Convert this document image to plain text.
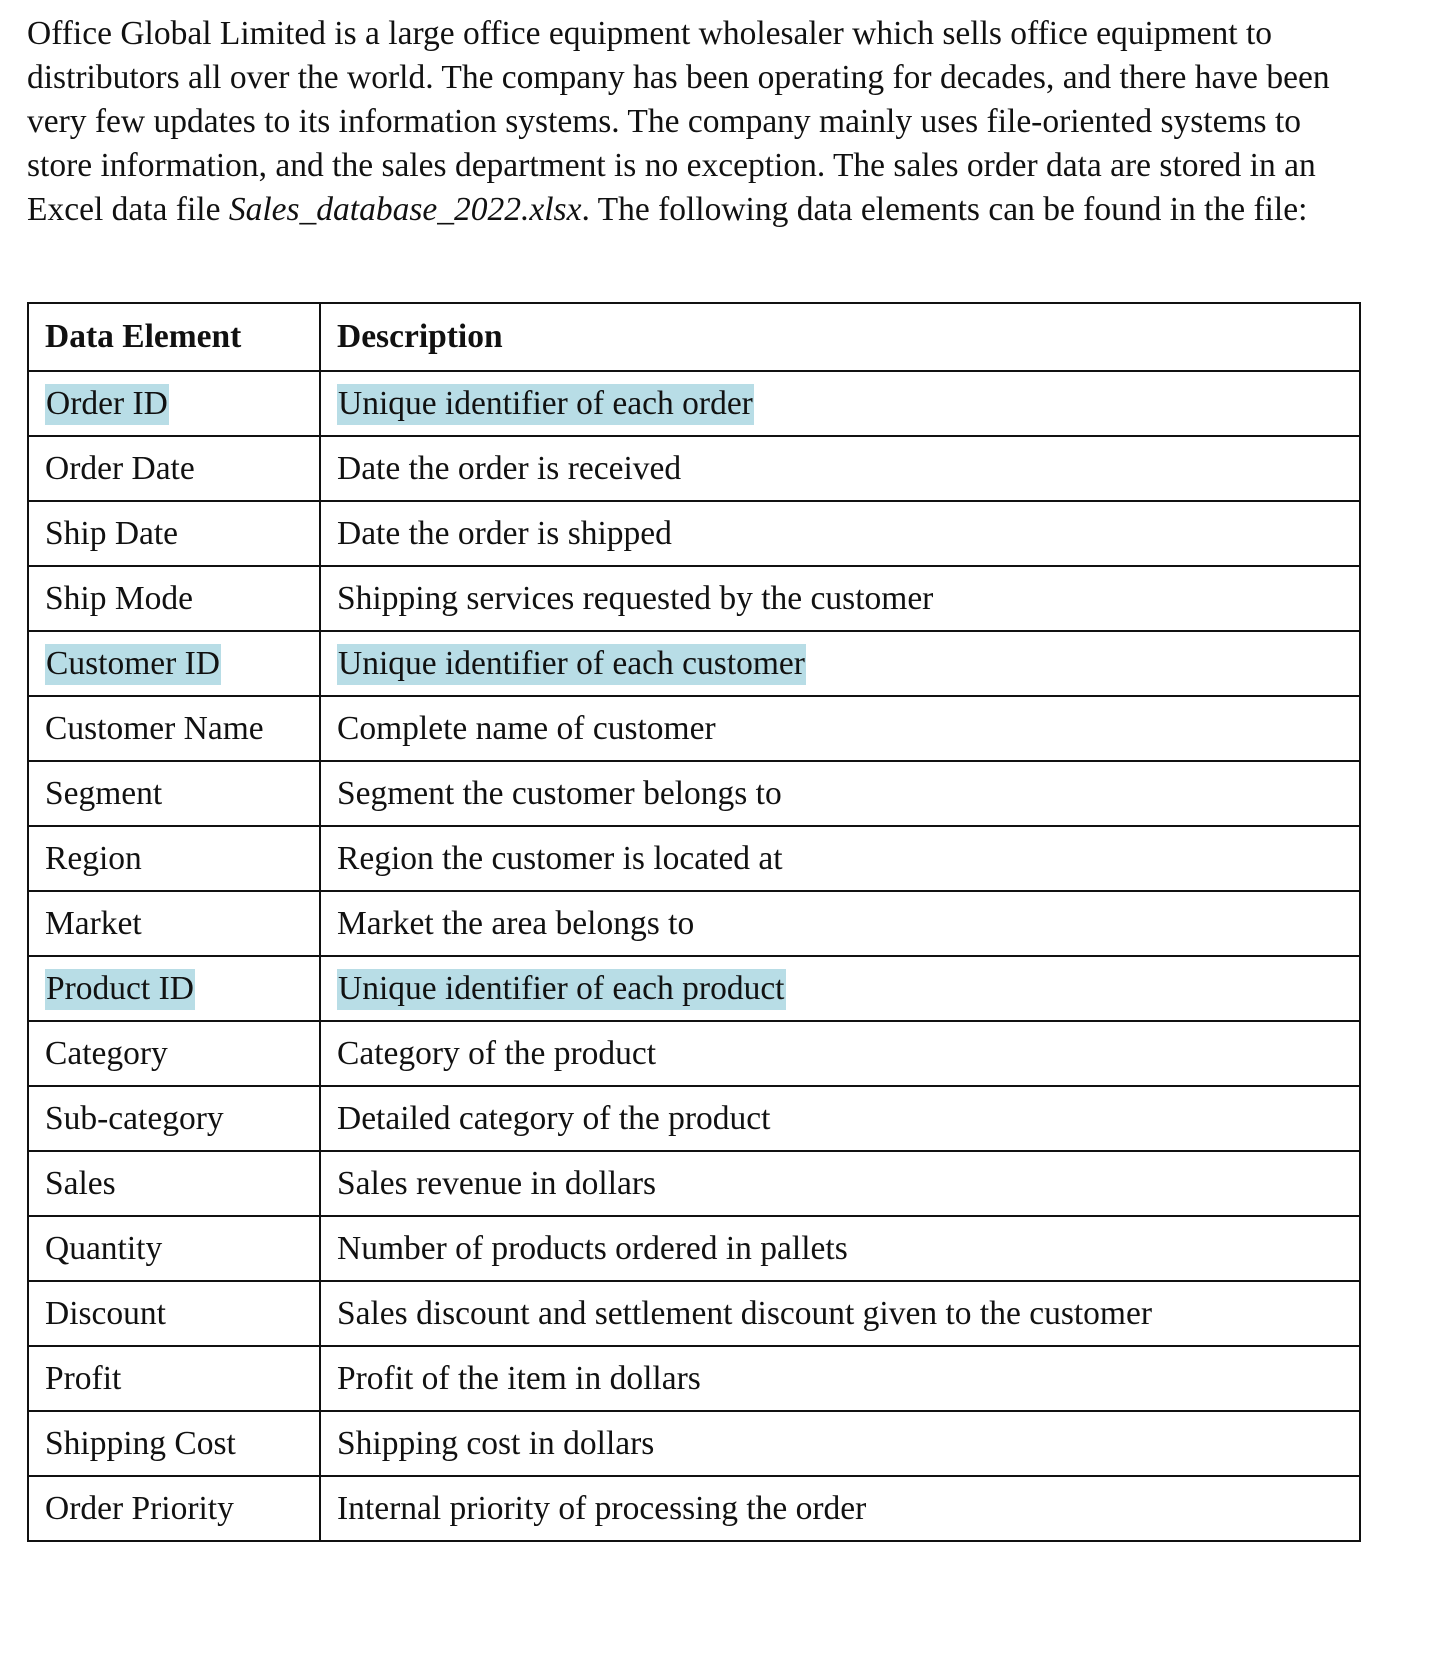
Office Global Limited is a large office equipment wholesaler which sells office equipment to distributors all over the world. The company has been operating for decades, and there have been very few updates to its information systems. The company mainly uses file-oriented systems to store information, and the sales department is no exception. The sales order data are stored in an Excel data file Sales_database_2022.xlsx. The following data elements can be found in the file:

Data Element	Description
Order ID	Unique identifier of each order
Order Date	Date the order is received
Ship Date	Date the order is shipped
Ship Mode	Shipping services requested by the customer
Customer ID	Unique identifier of each customer
Customer Name	Complete name of customer
Segment	Segment the customer belongs to
Region	Region the customer is located at
Market	Market the area belongs to
Product ID	Unique identifier of each product
Category	Category of the product
Sub-category	Detailed category of the product
Sales	Sales revenue in dollars
Quantity	Number of products ordered in pallets
Discount	Sales discount and settlement discount given to the customer
Profit	Profit of the item in dollars
Shipping Cost	Shipping cost in dollars
Order Priority	Internal priority of processing the order
